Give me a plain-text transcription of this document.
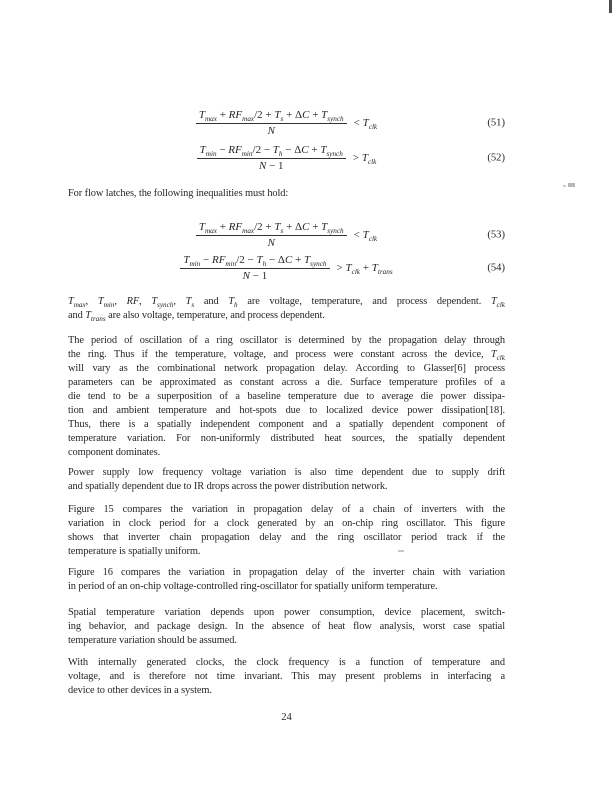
$\frac{T_{max} + RF_{max}/2 + T_s + \Delta C + T_{synch}}{N} < T_{clk}$	(51)
$\frac{T_{min} - RF_{min}/2 - T_h - \Delta C + T_{synch}}{N - 1} > T_{clk}$	(52)
For flow latches, the following inequalities must hold:
$\frac{T_{max} + RF_{max}/2 + T_s + \Delta C + T_{synch}}{N} < T_{clk}$	(53)
$\frac{T_{min} - RF_{min}/2 - T_h - \Delta C + T_{synch}}{N - 1} > T_{clk} + T_{trans}$	(54)
$T_{max}$, $T_{min}$, RF, $T_{synch}$, $T_s$ and $T_h$ are voltage, temperature, and process dependent. $T_{clk}$
and $T_{trans}$ are also voltage, temperature, and process dependent.
The period of oscillation of a ring oscillator is determined by the propagation delay through
the ring. Thus if the temperature, voltage, and process were constant across the device, $T_{clk}$
will vary as the combinational network propagation delay. According to Glasser[6] process
parameters can be approximated as constant across a die. Surface temperature profiles of a
die tend to be a superposition of a baseline temperature due to average die power dissipa-
tion and ambient temperature and hot-spots due to localized device power dissipation[18].
Thus, there is a spatially independent component and a spatially dependent component of
temperature variation. For non-uniformly distributed heat sources, the spatially dependent
component dominates.
Power supply low frequency voltage variation is also time dependent due to supply drift
and spatially dependent due to IR drops across the power distribution network.
Figure 15 compares the variation in propagation delay of a chain of inverters with the
variation in clock period for a clock generated by an on-chip ring oscillator. This figure
shows that inverter chain propagation delay and the ring oscillator period track if the
temperature is spatially uniform.
Figure 16 compares the variation in propagation delay of the inverter chain with variation
in period of an on-chip voltage-controlled ring-oscillator for spatially uniform temperature.
Spatial temperature variation depends upon power consumption, device placement, switch-
ing behavior, and package design. In the absence of heat flow analysis, worst case spatial
temperature variation should be assumed.
With internally generated clocks, the clock frequency is a function of temperature and
voltage, and is therefore not time invariant. This may present problems in interfacing a
device to other devices in a system.
24
